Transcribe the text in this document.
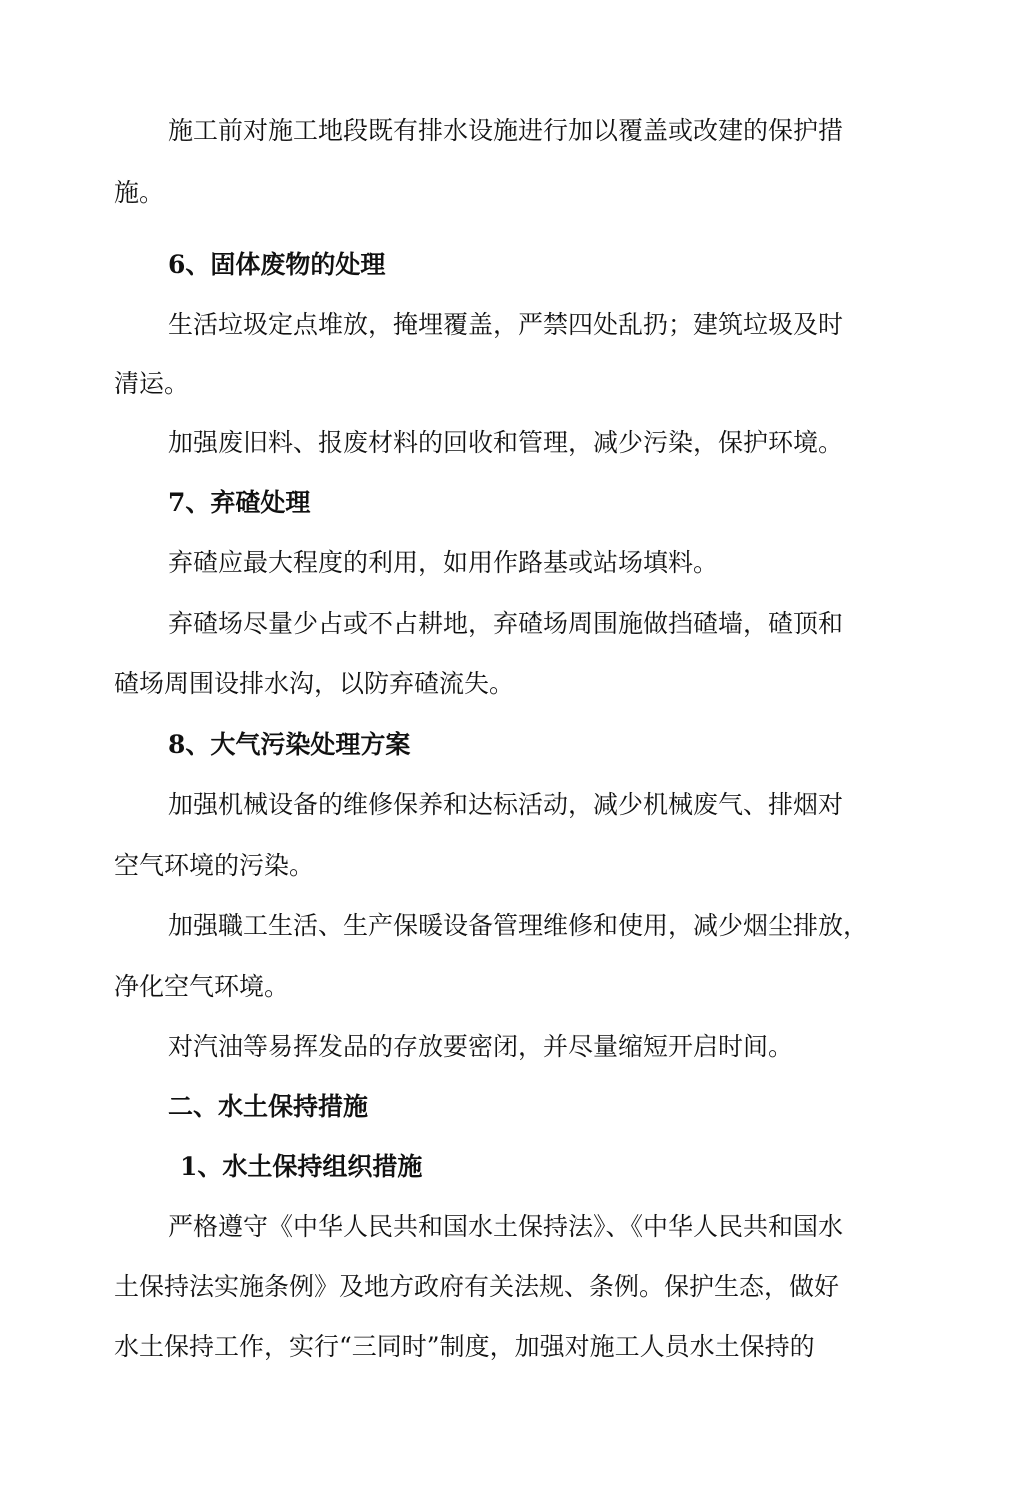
施工前对施工地段既有排水设施进行加以覆盖或改建的保护措
施。
6、固体废物的处理
生活垃圾定点堆放，掩埋覆盖，严禁四处乱扔；建筑垃圾及时
清运。
加强废旧料、报废材料的回收和管理，减少污染，保护环境。
7、弃碴处理
弃碴应最大程度的利用，如用作路基或站场填料。
弃碴场尽量少占或不占耕地，弃碴场周围施做挡碴墙，碴顶和
碴场周围设排水沟，以防弃碴流失。
8、大气污染处理方案
加强机械设备的维修保养和达标活动，减少机械废气、排烟对
空气环境的污染。
加强職工生活、生产保暖设备管理维修和使用，减少烟尘排放，
净化空气环境。
对汽油等易挥发品的存放要密闭，并尽量缩短开启时间。
二、水土保持措施
1、水土保持组织措施
严格遵守《中华人民共和国水土保持法》、《中华人民共和国水
土保持法实施条例》及地方政府有关法规、条例。保护生态，做好
水土保持工作，实行“三同时”制度，加强对施工人员水土保持的
